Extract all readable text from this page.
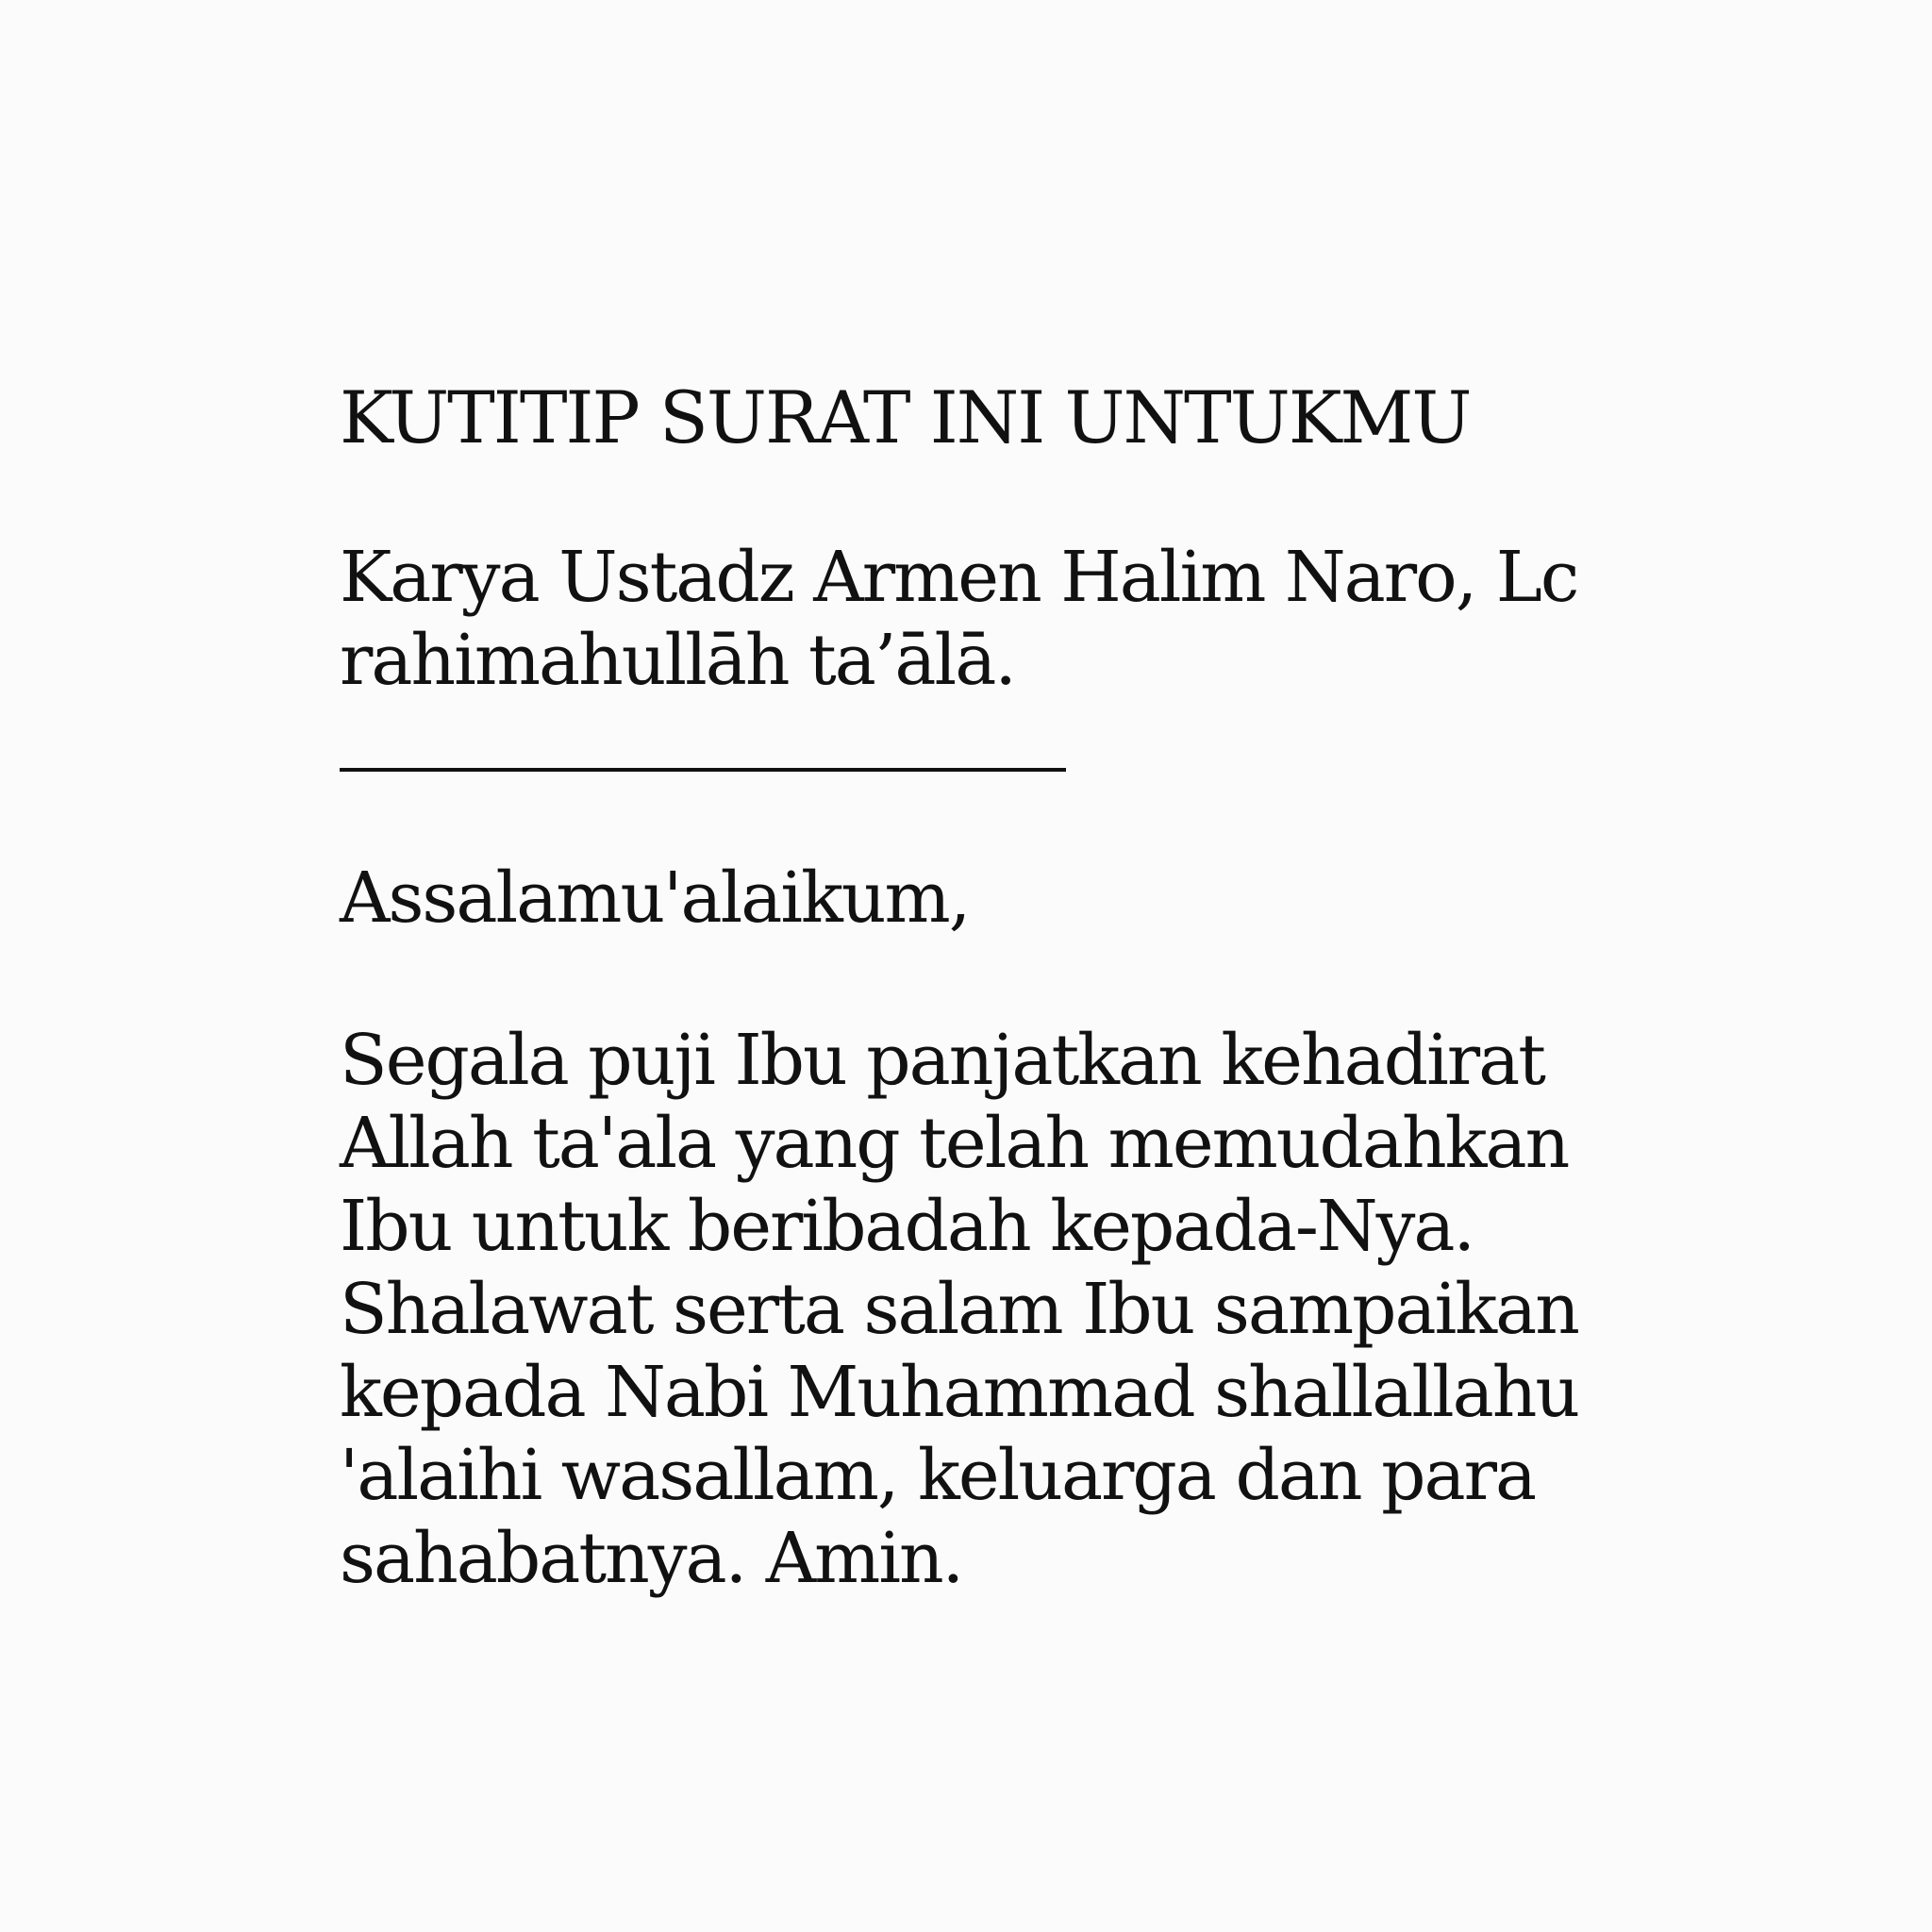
KUTITIP SURAT INI UNTUKMU
Karya Ustadz Armen Halim Naro, Lc
rahimahullāh ta’ālā.
Assalamu'alaikum,
Segala puji Ibu panjatkan kehadirat
Allah ta'ala yang telah memudahkan
Ibu untuk beribadah kepada-Nya.
Shalawat serta salam Ibu sampaikan
kepada Nabi Muhammad shallallahu
'alaihi wasallam, keluarga dan para
sahabatnya. Amin.
